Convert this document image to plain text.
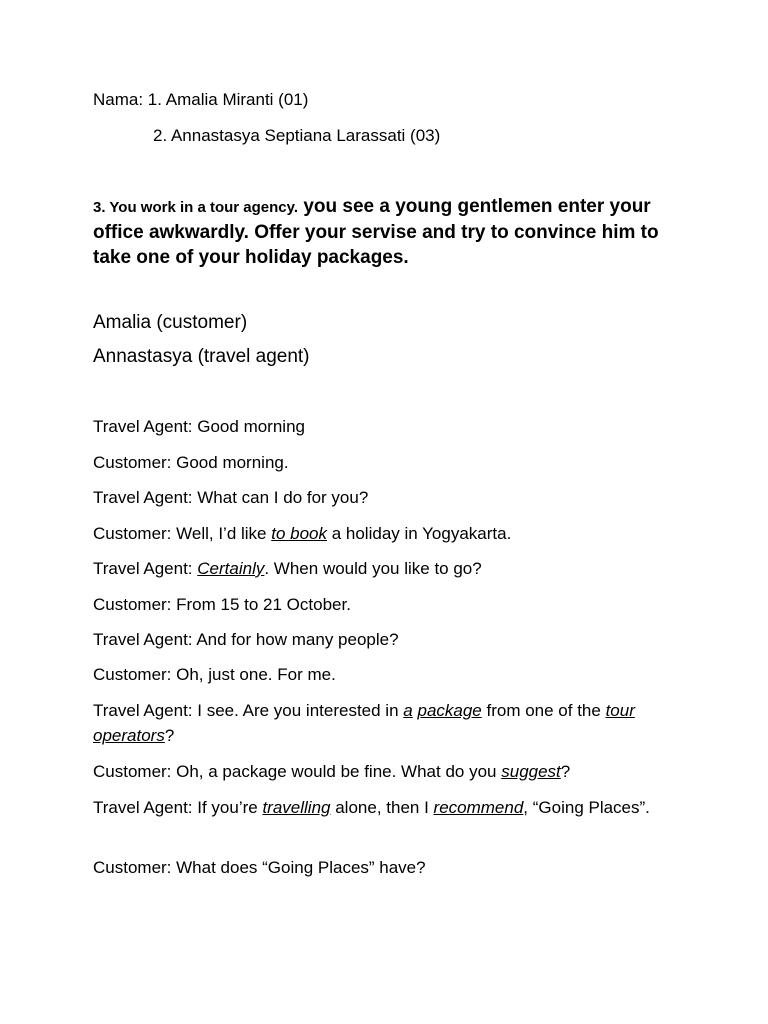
Nama: 1. Amalia Miranti (01)
2. Annastasya Septiana Larassati (03)
3. You work in a tour agency. you see a young gentlemen enter your office awkwardly. Offer your servise and try to convince him to take one of your holiday packages.
Amalia (customer)
Annastasya (travel agent)
Travel Agent: Good morning
Customer: Good morning.
Travel Agent: What can I do for you?
Customer: Well, I’d like to book a holiday in Yogyakarta.
Travel Agent: Certainly. When would you like to go?
Customer: From 15 to 21 October.
Travel Agent: And for how many people?
Customer: Oh, just one. For me.
Travel Agent: I see. Are you interested in a package from one of the tour operators?
Customer: Oh, a package would be fine. What do you suggest?
Travel Agent: If you’re travelling alone, then I recommend, “Going Places”.
Customer: What does “Going Places” have?
